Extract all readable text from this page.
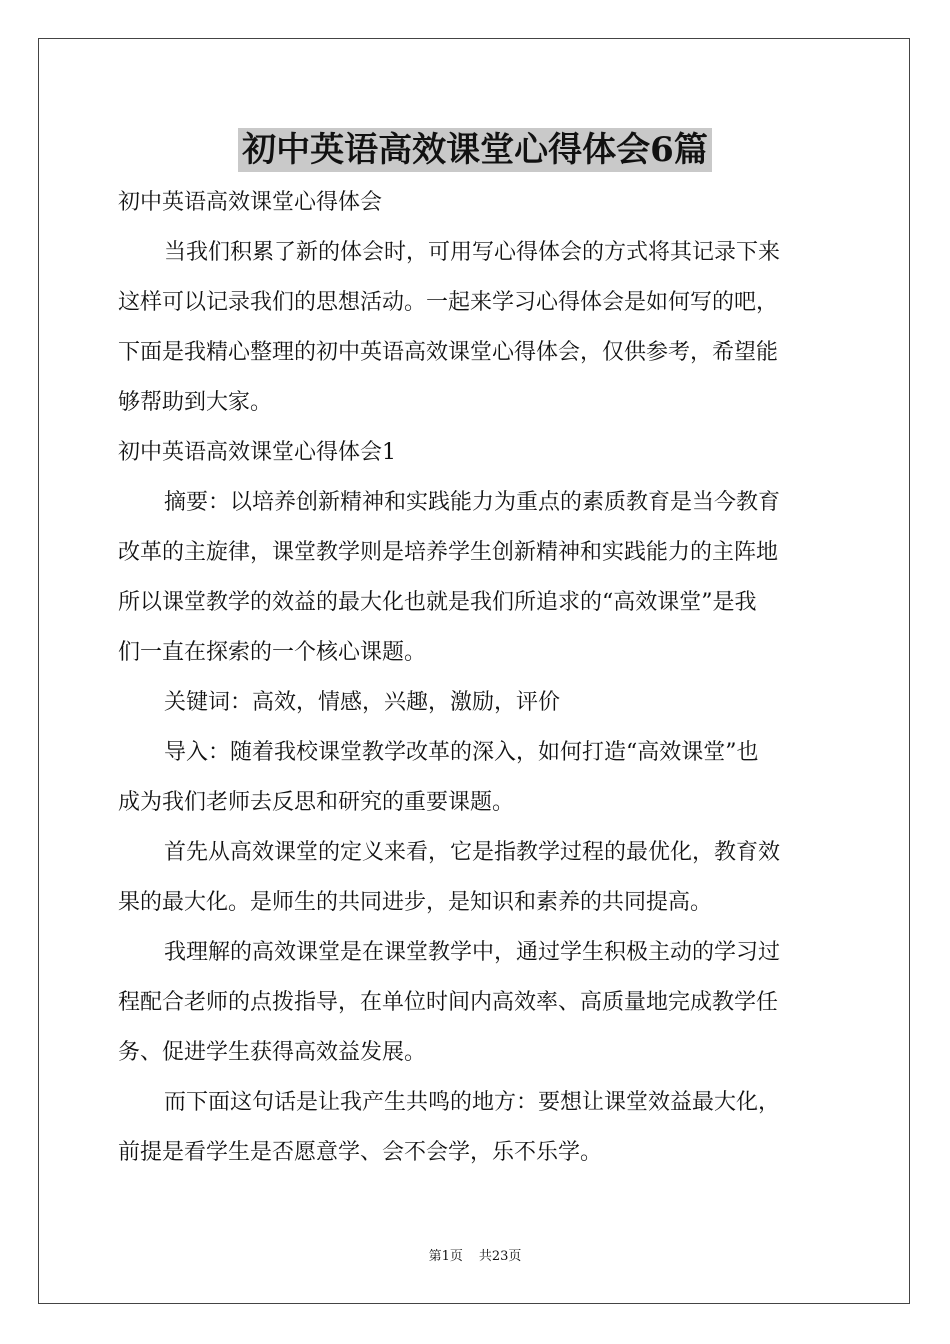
初中英语高效课堂心得体会6篇

初中英语高效课堂心得体会

当我们积累了新的体会时，可用写心得体会的方式将其记录下来

这样可以记录我们的思想活动。一起来学习心得体会是如何写的吧，

下面是我精心整理的初中英语高效课堂心得体会，仅供参考，希望能

够帮助到大家。

初中英语高效课堂心得体会1

摘要：以培养创新精神和实践能力为重点的素质教育是当今教育

改革的主旋律，课堂教学则是培养学生创新精神和实践能力的主阵地

所以课堂教学的效益的最大化也就是我们所追求的“高效课堂”是我

们一直在探索的一个核心课题。

关键词：高效，情感，兴趣，激励，评价

导入：随着我校课堂教学改革的深入，如何打造“高效课堂”也

成为我们老师去反思和研究的重要课题。

首先从高效课堂的定义来看，它是指教学过程的最优化，教育效

果的最大化。是师生的共同进步，是知识和素养的共同提高。

我理解的高效课堂是在课堂教学中，通过学生积极主动的学习过

程配合老师的点拨指导，在单位时间内高效率、高质量地完成教学任

务、促进学生获得高效益发展。

而下面这句话是让我产生共鸣的地方：要想让课堂效益最大化，

前提是看学生是否愿意学、会不会学，乐不乐学。

第1页 共23页
